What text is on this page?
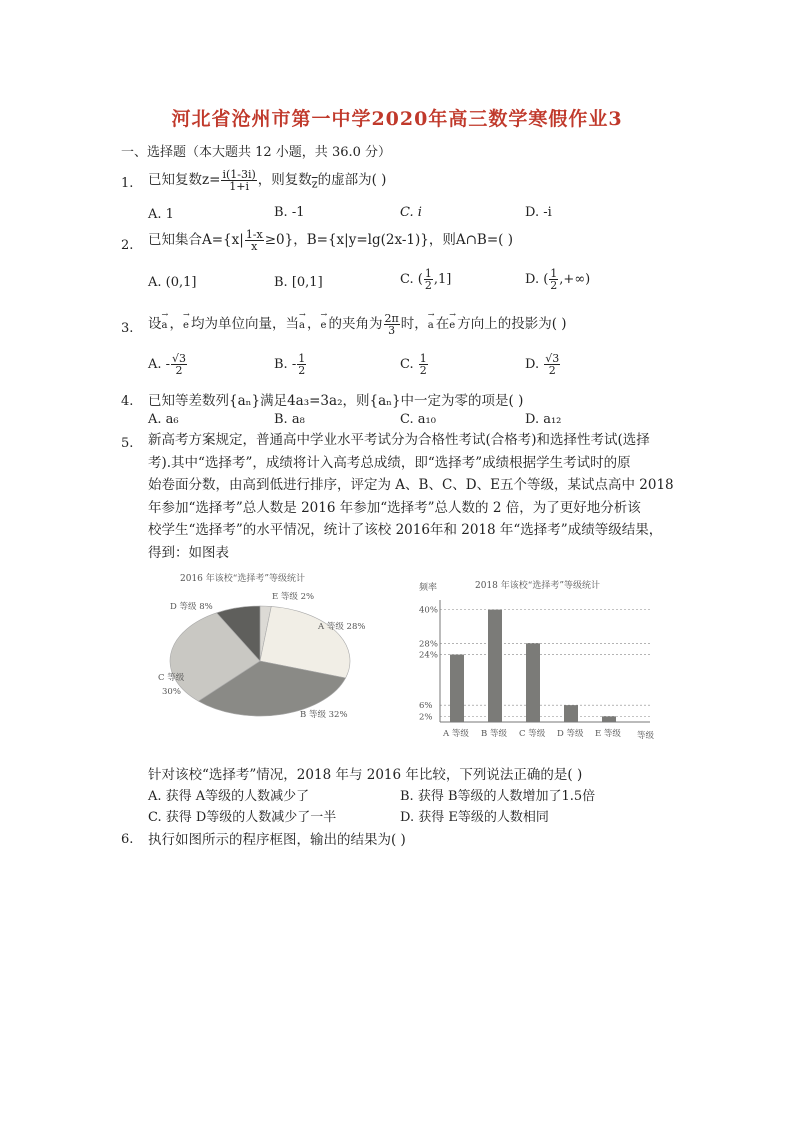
河北省沧州市第一中学2020年高三数学寒假作业3
一、选择题（本大题共 12 小题，共 36.0 分）
1. 已知复数$z= \frac{i(1-3i)}{1+i}$ ，则复数$_{\overline{z}}$的虚部为( )
A. 1	B. -1	C. i	D. -i
2. 已知集合$A=\{x| \frac{1-x}{x} \ge 0\}$，B={x|y=lg(2x-1)}，则A∩B=( )
A. (0,1]	B. [0,1]	C. ( $\frac{1}{2} ,1$]	D. ( $\frac{1}{2}$ ,+∞)
3. 设→ a ，→ e 均为单位向量，当→ a ，→ e 的夹角为 $\frac{2\pi}{3}$ 时，→ a 在→ e 方向上的投影为( )
A. - $\frac{√3}{2}$	B. - $\frac{1}{2}$	C. $\frac{1}{2}$	D. $\frac{√3}{2}$
4. 已知等差数列{aₙ}满足4a₃=3a₂，则{aₙ}中一定为零的项是( )
A. a₆	B. a₈	C. a₁₀	D. a₁₂
5. 新高考方案规定，普通高中学业水平考试分为合格性考试(合格考)和选择性考试(选择
考).其中“选择考”，成绩将计入高考总成绩，即“选择考”成绩根据学生考试时的原
始卷面分数，由高到低进行排序，评定为 A、B、C、D、E五个等级，某试点高中 2018
年参加“选择考”总人数是 2016 年参加“选择考”总人数的 2 倍，为了更好地分析该
校学生“选择考”的水平情况，统计了该校 2016年和 2018 年“选择考”成绩等级结果，
得到：如图表
2016 年该校“选择考”等级统计
D 等级 8%
E 等级 2%
A 等级 28%
B 等级 32%
C 等级
30%
2018 年该校“选择考”等级统计
频率
40%
28%
24%
6%
2%
A 等级 B 等级 C 等级 D 等级 E 等级 等级
针对该校“选择考”情况，2018 年与 2016 年比较，下列说法正确的是( )
A. 获得 A等级的人数减少了	B. 获得 B等级的人数增加了1.5倍
C. 获得 D等级的人数减少了一半	D. 获得 E等级的人数相同
6. 执行如图所示的程序框图，输出的结果为( )
